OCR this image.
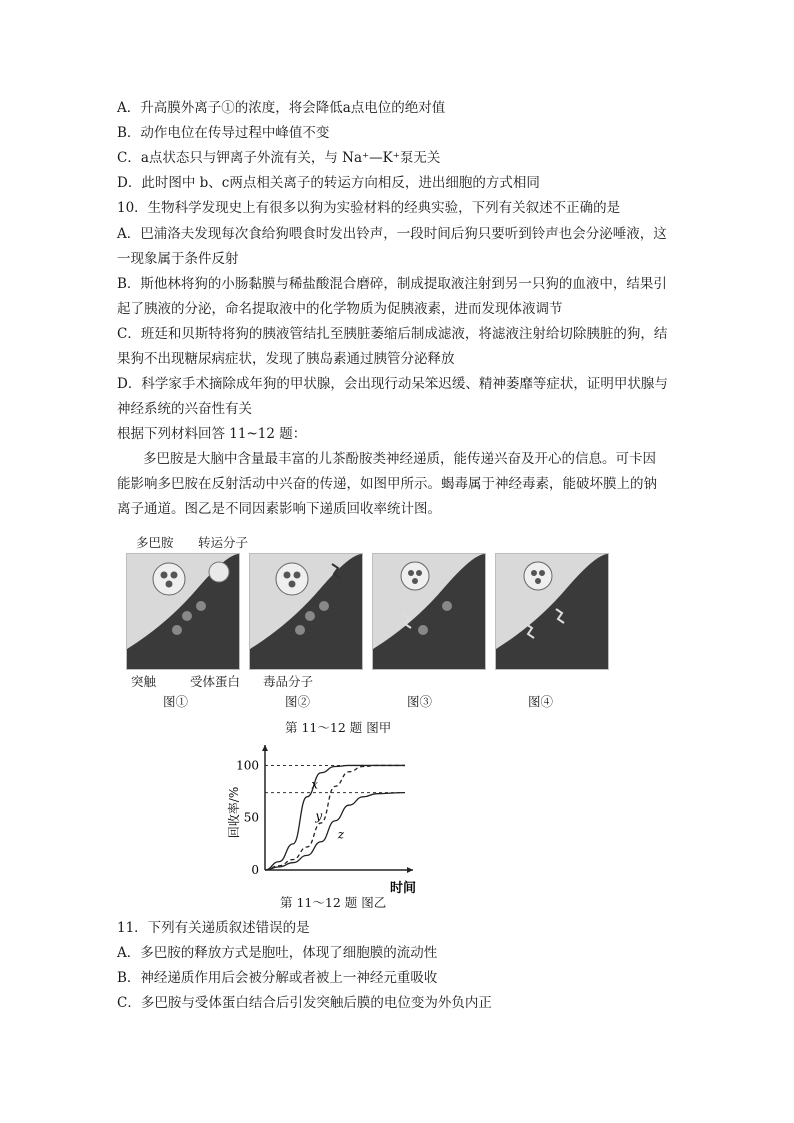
A．升高膜外离子①的浓度，将会降低a点电位的绝对值
B．动作电位在传导过程中峰值不变
C．a点状态只与钾离子外流有关，与 Na⁺—K⁺泵无关
D．此时图中 b、c两点相关离子的转运方向相反，进出细胞的方式相同
10．生物科学发现史上有很多以狗为实验材料的经典实验，下列有关叙述不正确的是
A．巴浦洛夫发现每次食给狗喂食时发出铃声，一段时间后狗只要听到铃声也会分泌唾液，这
一现象属于条件反射
B．斯他林将狗的小肠黏膜与稀盐酸混合磨碎，制成提取液注射到另一只狗的血液中，结果引
起了胰液的分泌，命名提取液中的化学物质为促胰液素，进而发现体液调节
C．班廷和贝斯特将狗的胰液管结扎至胰脏萎缩后制成滤液，将滤液注射给切除胰脏的狗，结
果狗不出现糖尿病症状，发现了胰岛素通过胰管分泌释放
D．科学家手术摘除成年狗的甲状腺，会出现行动呆笨迟缓、精神萎靡等症状，证明甲状腺与
神经系统的兴奋性有关
根据下列材料回答 11~12 题：
多巴胺是大脑中含量最丰富的儿茶酚胺类神经递质，能传递兴奋及开心的信息。可卡因
能影响多巴胺在反射活动中兴奋的传递，如图甲所示。蝎毒属于神经毒素，能破坏膜上的钠
离子通道。图乙是不同因素影响下递质回收率统计图。
多巴胺 转运分子
突触	受体蛋白 毒品分子
图①	图②	图③	图④
第 11～12 题 图甲
0
50
100
回收率/%
时间
x
y
z
第 11～12 题 图乙
11．下列有关递质叙述错误的是
A．多巴胺的释放方式是胞吐，体现了细胞膜的流动性
B．神经递质作用后会被分解或者被上一神经元重吸收
C．多巴胺与受体蛋白结合后引发突触后膜的电位变为外负内正
